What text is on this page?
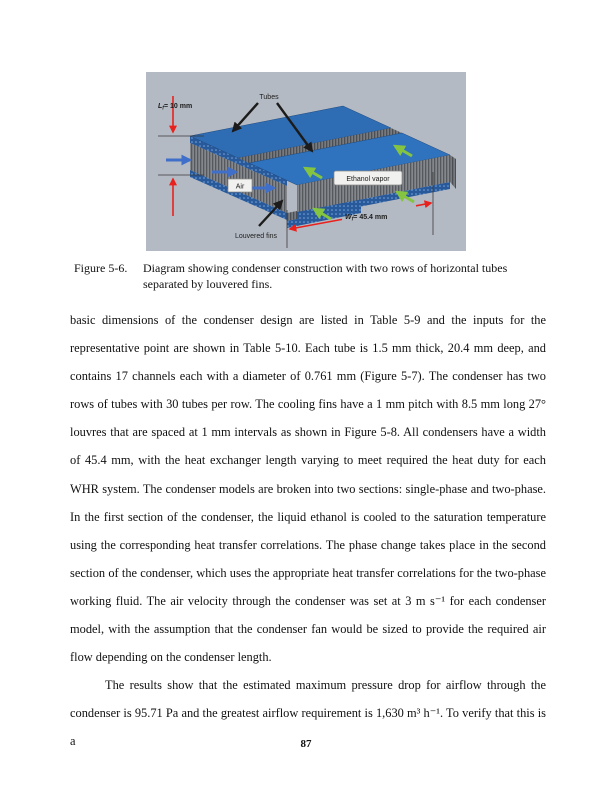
$L_f= 10$ mm
Tubes
Air
Ethanol vapor
Louvered fins
$W_f= 45.4$ mm
Figure 5-6.	Diagram showing condenser construction with two rows of horizontal tubes
separated by louvered fins.

basic dimensions of the condenser design are listed in Table 5-9 and the inputs for the representative point are shown in Table 5-10. Each tube is 1.5 mm thick, 20.4 mm deep, and contains 17 channels each with a diameter of 0.761 mm (Figure 5-7). The condenser has two rows of tubes with 30 tubes per row. The cooling fins have a 1 mm pitch with 8.5 mm long 27° louvres that are spaced at 1 mm intervals as shown in Figure 5-8. All condensers have a width of 45.4 mm, with the heat exchanger length varying to meet required the heat duty for each WHR system. The condenser models are broken into two sections: single-phase and two-phase. In the first section of the condenser, the liquid ethanol is cooled to the saturation temperature using the corresponding heat transfer correlations. The phase change takes place in the second section of the condenser, which uses the appropriate heat transfer correlations for the two-phase working fluid. The air velocity through the condenser was set at 3 m s⁻¹ for each condenser model, with the assumption that the condenser fan would be sized to provide the required air flow depending on the condenser length.

The results show that the estimated maximum pressure drop for airflow through the condenser is 95.71 Pa and the greatest airflow requirement is 1,630 m³ h⁻¹. To verify that this is a	87
